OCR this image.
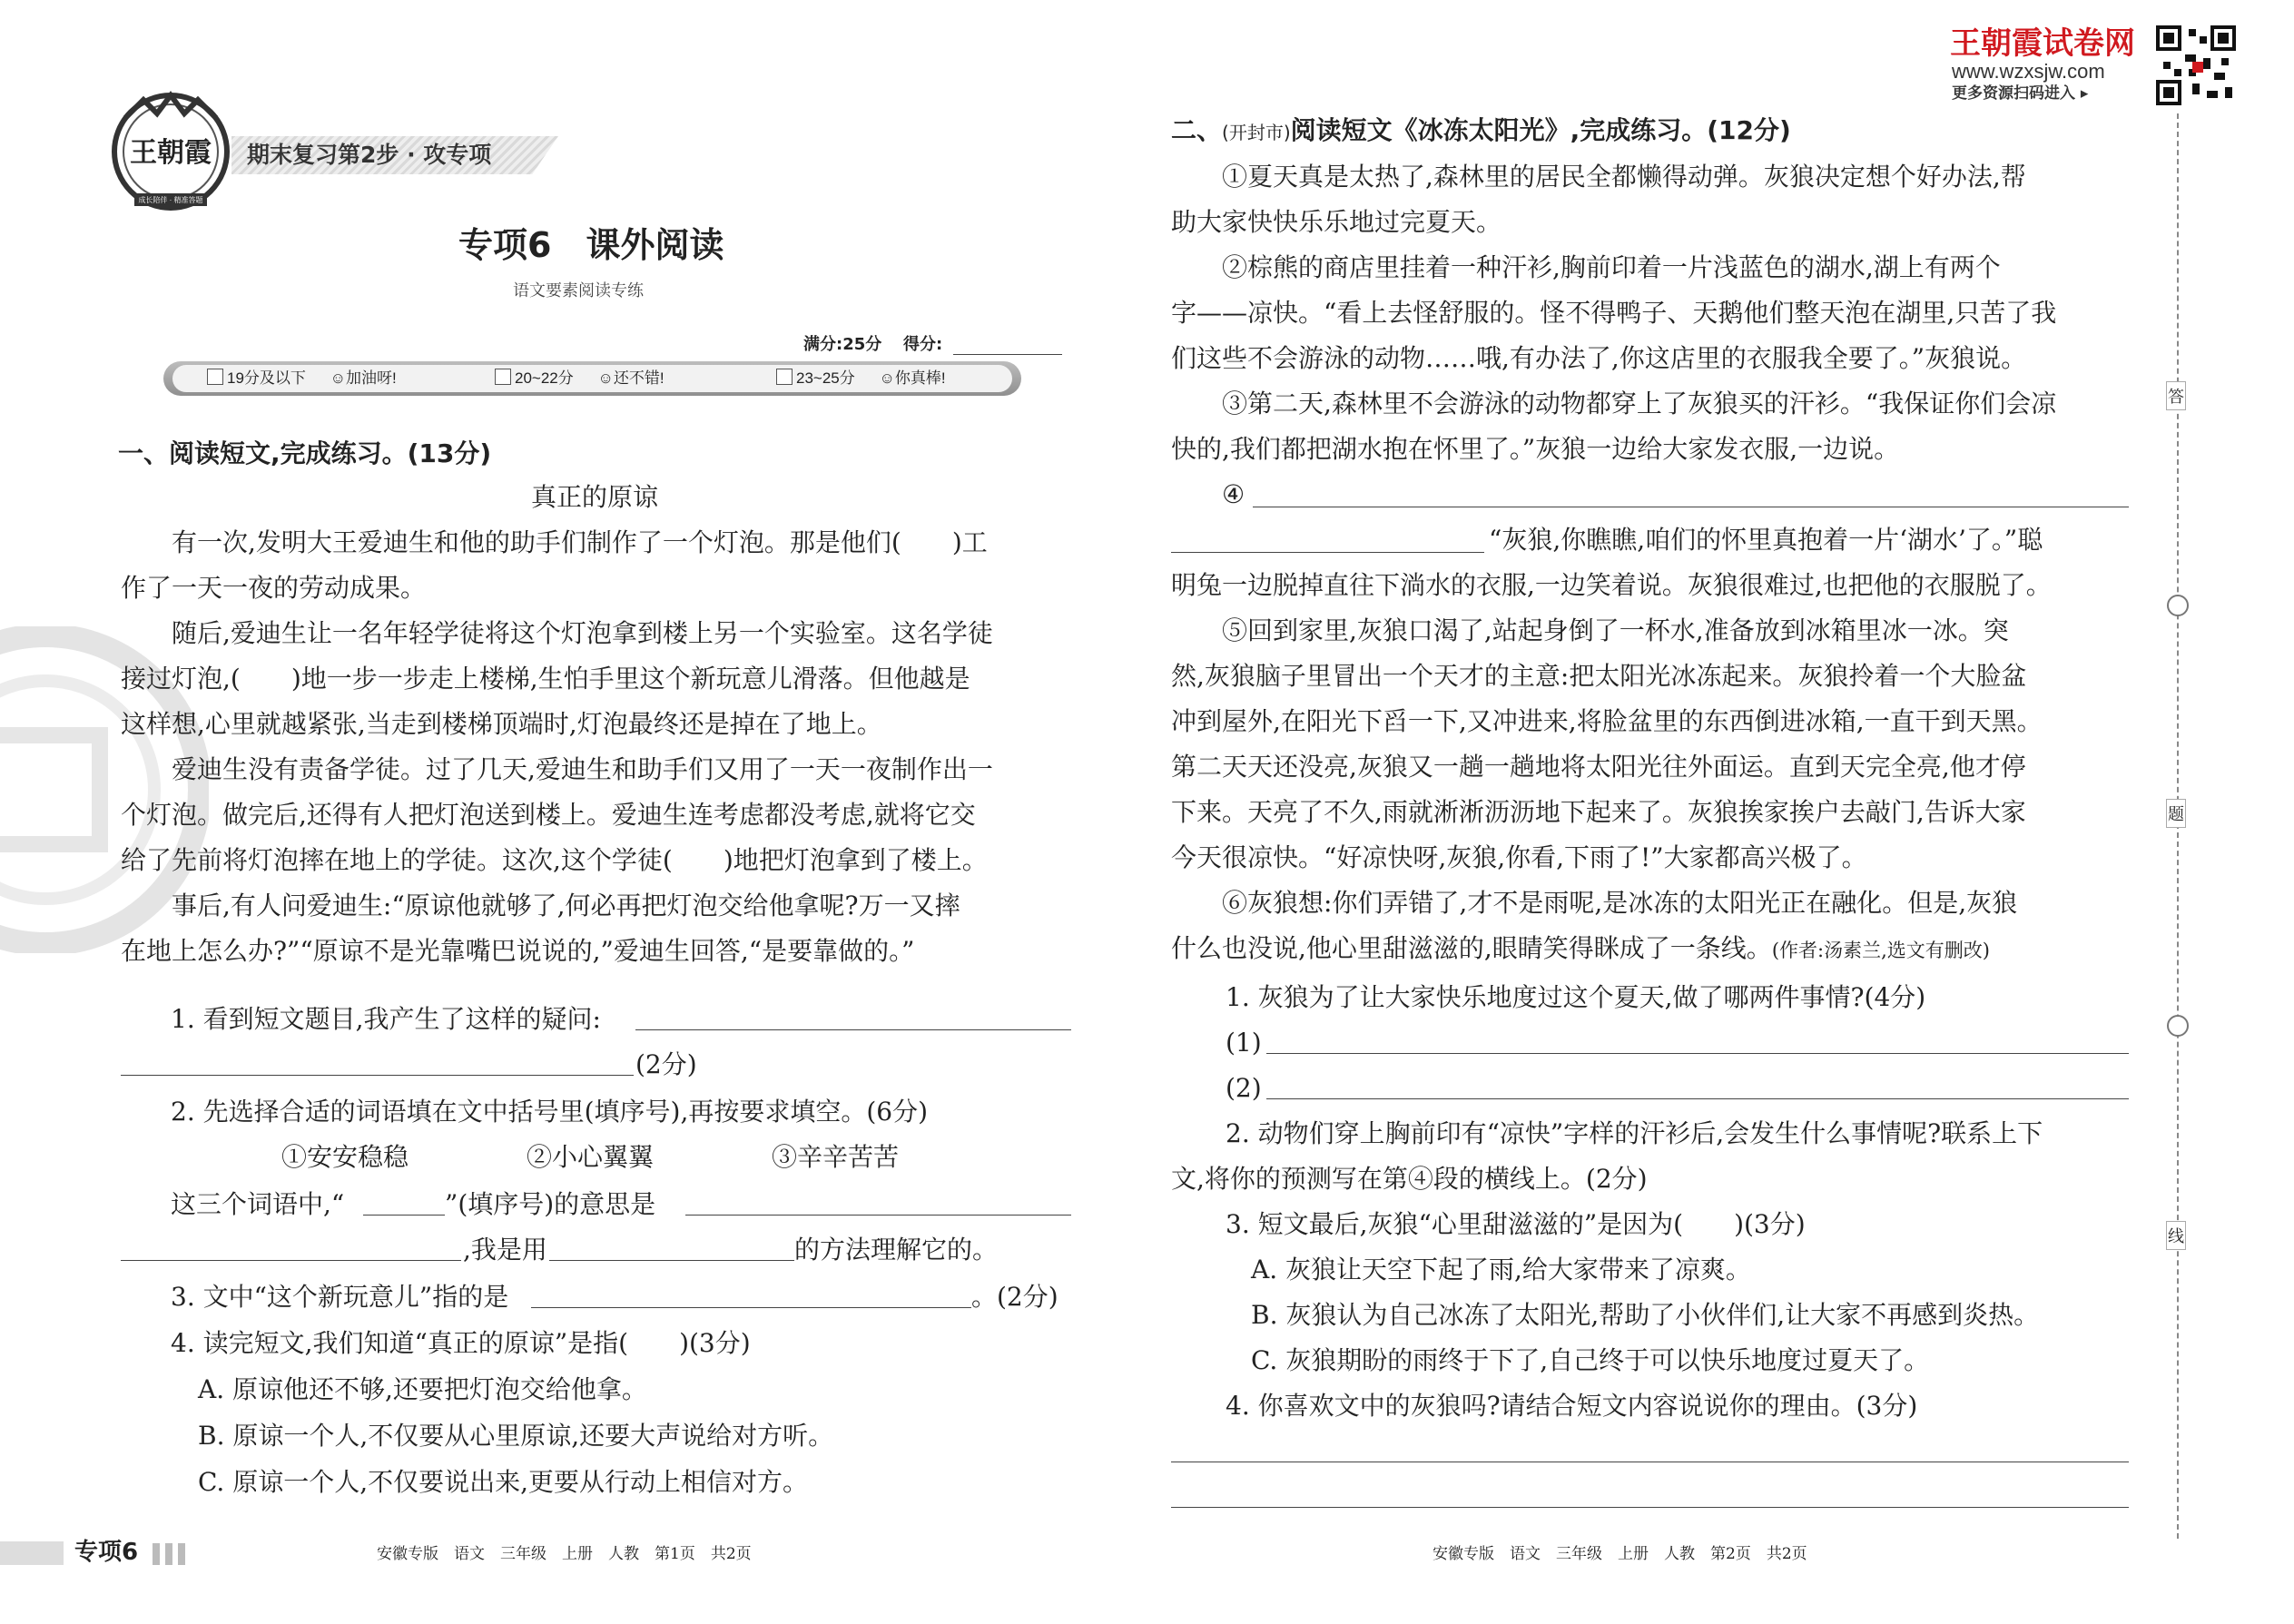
王朝霞
成长陪伴 · 精准答题
期末复习第2步 · 攻专项
专项6　课外阅读
语文要素阅读专练
满分:25分 得分:
19分及以下 ☺加油呀!	20~22分 ☺还不错!	23~25分 ☺你真棒!
一、阅读短文,完成练习。(13分)
真正的原谅
有一次,发明大王爱迪生和他的助手们制作了一个灯泡。那是他们(　　)工
作了一天一夜的劳动成果。
随后,爱迪生让一名年轻学徒将这个灯泡拿到楼上另一个实验室。这名学徒
接过灯泡,(　　)地一步一步走上楼梯,生怕手里这个新玩意儿滑落。但他越是
这样想,心里就越紧张,当走到楼梯顶端时,灯泡最终还是掉在了地上。
爱迪生没有责备学徒。过了几天,爱迪生和助手们又用了一天一夜制作出一
个灯泡。做完后,还得有人把灯泡送到楼上。爱迪生连考虑都没考虑,就将它交
给了先前将灯泡摔在地上的学徒。这次,这个学徒(　　)地把灯泡拿到了楼上。
事后,有人问爱迪生:“原谅他就够了,何必再把灯泡交给他拿呢?万一又摔
在地上怎么办?”“原谅不是光靠嘴巴说说的,”爱迪生回答,“是要靠做的。”
1. 看到短文题目,我产生了这样的疑问:
(2分)
2. 先选择合适的词语填在文中括号里(填序号),再按要求填空。(6分)
①安安稳稳	②小心翼翼	③辛辛苦苦
这三个词语中,“	”(填序号)的意思是
,我是用	的方法理解它的。
3. 文中“这个新玩意儿”指的是	。(2分)
4. 读完短文,我们知道“真正的原谅”是指(　　)(3分)
A. 原谅他还不够,还要把灯泡交给他拿。
B. 原谅一个人,不仅要从心里原谅,还要大声说给对方听。
C. 原谅一个人,不仅要说出来,更要从行动上相信对方。
专项6	安徽专版　语文　三年级　上册　人教　第1页　共2页
王朝霞试卷网
www.wzxsjw.com
更多资源扫码进入 ▸
答
题
线
二、(开封市)阅读短文《冰冻太阳光》,完成练习。(12分)
①夏天真是太热了,森林里的居民全都懒得动弹。灰狼决定想个好办法,帮
助大家快快乐乐地过完夏天。
②棕熊的商店里挂着一种汗衫,胸前印着一片浅蓝色的湖水,湖上有两个
字——凉快。“看上去怪舒服的。怪不得鸭子、天鹅他们整天泡在湖里,只苦了我
们这些不会游泳的动物……哦,有办法了,你这店里的衣服我全要了。”灰狼说。
③第二天,森林里不会游泳的动物都穿上了灰狼买的汗衫。“我保证你们会凉
快的,我们都把湖水抱在怀里了。”灰狼一边给大家发衣服,一边说。
④
“灰狼,你瞧瞧,咱们的怀里真抱着一片‘湖水’了。”聪
明兔一边脱掉直往下淌水的衣服,一边笑着说。灰狼很难过,也把他的衣服脱了。
⑤回到家里,灰狼口渴了,站起身倒了一杯水,准备放到冰箱里冰一冰。突
然,灰狼脑子里冒出一个天才的主意:把太阳光冰冻起来。灰狼拎着一个大脸盆
冲到屋外,在阳光下舀一下,又冲进来,将脸盆里的东西倒进冰箱,一直干到天黑。
第二天天还没亮,灰狼又一趟一趟地将太阳光往外面运。直到天完全亮,他才停
下来。天亮了不久,雨就淅淅沥沥地下起来了。灰狼挨家挨户去敲门,告诉大家
今天很凉快。“好凉快呀,灰狼,你看,下雨了!”大家都高兴极了。
⑥灰狼想:你们弄错了,才不是雨呢,是冰冻的太阳光正在融化。但是,灰狼
什么也没说,他心里甜滋滋的,眼睛笑得眯成了一条线。(作者:汤素兰,选文有删改)
1. 灰狼为了让大家快乐地度过这个夏天,做了哪两件事情?(4分)
(1)
(2)
2. 动物们穿上胸前印有“凉快”字样的汗衫后,会发生什么事情呢?联系上下
文,将你的预测写在第④段的横线上。(2分)
3. 短文最后,灰狼“心里甜滋滋的”是因为(　　)(3分)
A. 灰狼让天空下起了雨,给大家带来了凉爽。
B. 灰狼认为自己冰冻了太阳光,帮助了小伙伴们,让大家不再感到炎热。
C. 灰狼期盼的雨终于下了,自己终于可以快乐地度过夏天了。
4. 你喜欢文中的灰狼吗?请结合短文内容说说你的理由。(3分)
安徽专版　语文　三年级　上册　人教　第2页　共2页
